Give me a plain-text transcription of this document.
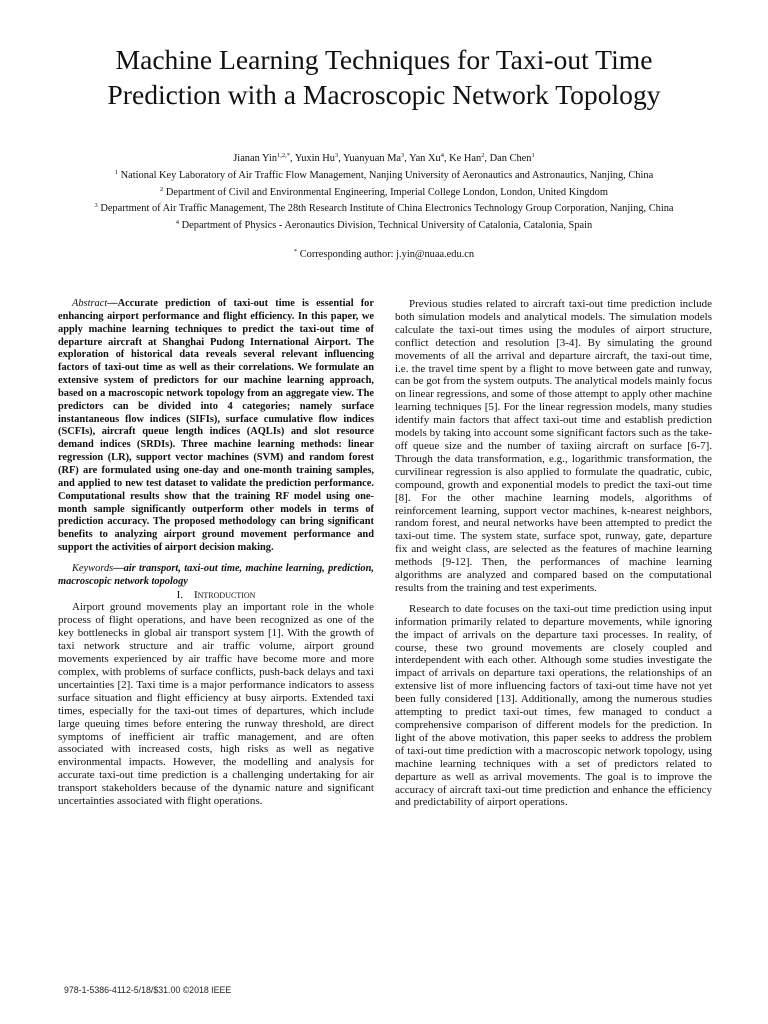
Machine Learning Techniques for Taxi-out Time
Prediction with a Macroscopic Network Topology
Jianan Yin$^{1,2,*}$, Yuxin Hu$^3$, Yuanyuan Ma$^3$, Yan Xu$^4$, Ke Han$^2$, Dan Chen$^1$
$^1$ National Key Laboratory of Air Traffic Flow Management, Nanjing University of Aeronautics and Astronautics, Nanjing, China
$^2$ Department of Civil and Environmental Engineering, Imperial College London, London, United Kingdom
$^3$ Department of Air Traffic Management, The 28th Research Institute of China Electronics Technology Group Corporation, Nanjing, China
$^4$ Department of Physics - Aeronautics Division, Technical University of Catalonia, Catalonia, Spain
* Corresponding author: j.yin@nuaa.edu.cn

Abstract—Accurate prediction of taxi-out time is essential for enhancing airport performance and flight efficiency. In this paper, we apply machine learning techniques to predict the taxi-out time of departure aircraft at Shanghai Pudong International Airport. The exploration of historical data reveals several relevant influencing factors of taxi-out time as well as their correlations. We formulate an extensive system of predictors for our machine learning approach, based on a macroscopic network topology from an aggregate view. The predictors can be divided into 4 categories; namely surface instantaneous flow indices (SIFIs), surface cumulative flow indices (SCFIs), aircraft queue length indices (AQLIs) and slot resource demand indices (SRDIs). Three machine learning methods: linear regression (LR), support vector machines (SVM) and random forest (RF) are formulated using one-day and one-month training samples, and applied to new test dataset to validate the prediction performance. Computational results show that the training RF model using one-month sample significantly outperform other models in terms of prediction accuracy. The proposed methodology can bring significant benefits to analyzing airport ground movement performance and support the activities of airport decision making.

Keywords—air transport, taxi-out time, machine learning, prediction, macroscopic network topology

I. Introduction

Airport ground movements play an important role in the whole process of flight operations, and have been recognized as one of the key bottlenecks in global air transport system [1]. With the growth of taxi network structure and air traffic volume, airport ground movements experienced by air traffic have become more and more complex, with problems of surface conflicts, push-back delays and taxi uncertainties [2]. Taxi time is a major performance indicators to assess surface situation and flight efficiency at busy airports. Extended taxi times, especially for the taxi-out times of departures, which include large queuing times before entering the runway threshold, are direct symptoms of inefficient air traffic management, and are often associated with increased costs, high risks as well as negative environmental impacts. However, the modelling and analysis for accurate taxi-out time prediction is a challenging undertaking for air transport stakeholders because of the dynamic nature and significant uncertainties associated with flight operations.

Previous studies related to aircraft taxi-out time prediction include both simulation models and analytical models. The simulation models calculate the taxi-out times using the modules of airport structure, conflict detection and resolution [3-4]. By simulating the ground movements of all the arrival and departure aircraft, the taxi-out time, i.e. the travel time spent by a flight to move between gate and runway, can be got from the system outputs. The analytical models mainly focus on linear regressions, and some of those attempt to apply other machine learning techniques [5]. For the linear regression models, many studies identify main factors that affect taxi-out time and establish prediction models by taking into account some significant factors such as the take-off queue size and the number of taxiing aircraft on surface [6-7]. Through the data transformation, e.g., logarithmic transformation, the curvilinear regression is also applied to formulate the quadratic, cubic, compound, growth and exponential models to predict the taxi-out time [8]. For the other machine learning models, algorithms of reinforcement learning, support vector machines, k-nearest neighbors, random forest, and neural networks have been attempted to predict the taxi-out time. The system state, surface spot, runway, gate, departure fix and weight class, are selected as the features of machine learning methods [9-12]. Then, the performances of machine learning algorithms are analyzed and compared based on the computational results from the training and test experiments.

Research to date focuses on the taxi-out time prediction using input information primarily related to departure movements, while ignoring the impact of arrivals on the departure taxi processes. In reality, of course, these two ground movements are closely coupled and interdependent with each other. Although some studies investigate the impact of arrivals on departure taxi operations, the relationships of an extensive list of more influencing factors of taxi-out time have not yet been fully considered [13]. Additionally, among the numerous studies attempting to predict taxi-out times, few managed to conduct a comprehensive comparison of different models for the prediction. In light of the above motivation, this paper seeks to address the problem of taxi-out time prediction with a macroscopic network topology, using machine learning techniques with a set of predictors related to departure as well as arrival movements. The goal is to improve the accuracy of aircraft taxi-out time prediction and enhance the efficiency and predictability of airport operations.

978-1-5386-4112-5/18/$31.00 ©2018 IEEE
